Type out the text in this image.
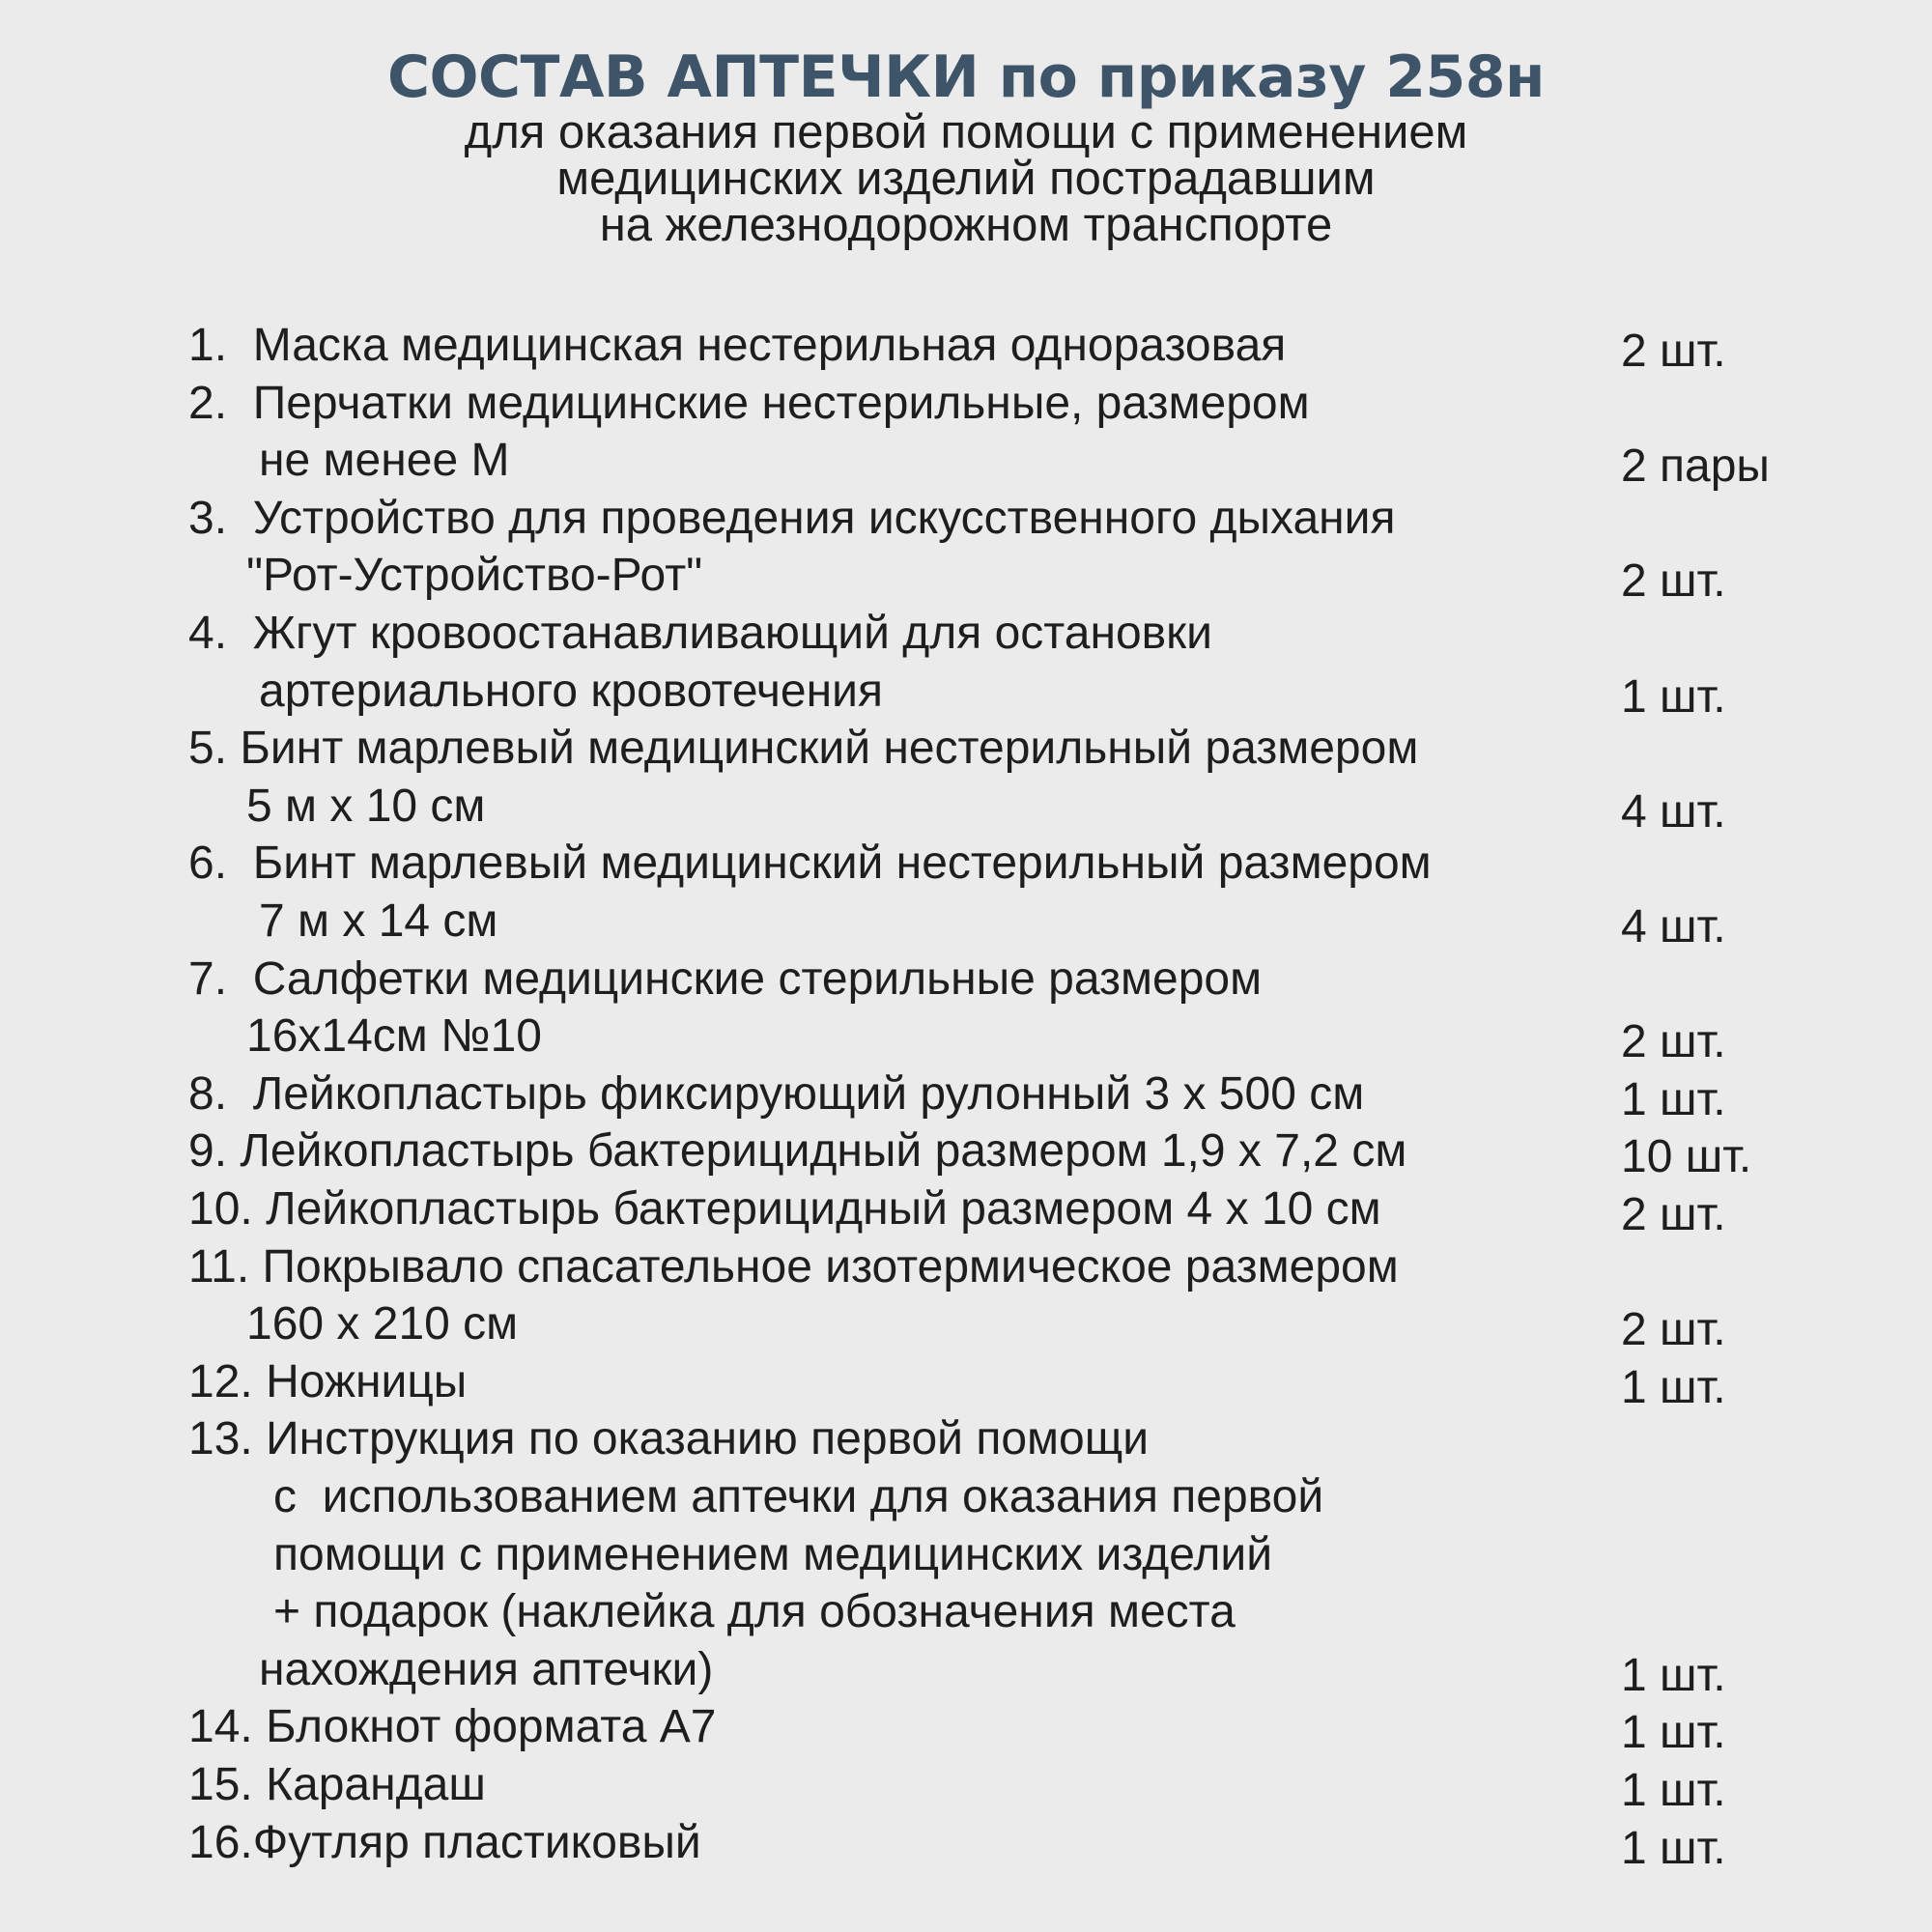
СОСТАВ АПТЕЧКИ по приказу 258н
для оказания первой помощи с применением
медицинских изделий пострадавшим
на железнодорожном транспорте
1.  Маска медицинская нестерильная одноразовая	2 шт.
2.  Перчатки медицинские нестерильные, размером
не менее М	2 пары
3.  Устройство для проведения искусственного дыхания
"Рот-Устройство-Рот"	2 шт.
4.  Жгут кровоостанавливающий для остановки
артериального кровотечения	1 шт.
5. Бинт марлевый медицинский нестерильный размером
5 м х 10 см	4 шт.
6.  Бинт марлевый медицинский нестерильный размером
7 м х 14 см	4 шт.
7.  Салфетки медицинские стерильные размером
16х14см №10	2 шт.
8.  Лейкопластырь фиксирующий рулонный 3 х 500 см	1 шт.
9. Лейкопластырь бактерицидный размером 1,9 х 7,2 см	10 шт.
10. Лейкопластырь бактерицидный размером 4 х 10 см	2 шт.
11. Покрывало спасательное изотермическое размером
160 х 210 см	2 шт.
12. Ножницы	1 шт.
13. Инструкция по оказанию первой помощи
с  использованием аптечки для оказания первой
помощи с применением медицинских изделий
+ подарок (наклейка для обозначения места
нахождения аптечки)	1 шт.
14. Блокнот формата А7	1 шт.
15. Карандаш	1 шт.
16.Футляр пластиковый	1 шт.
